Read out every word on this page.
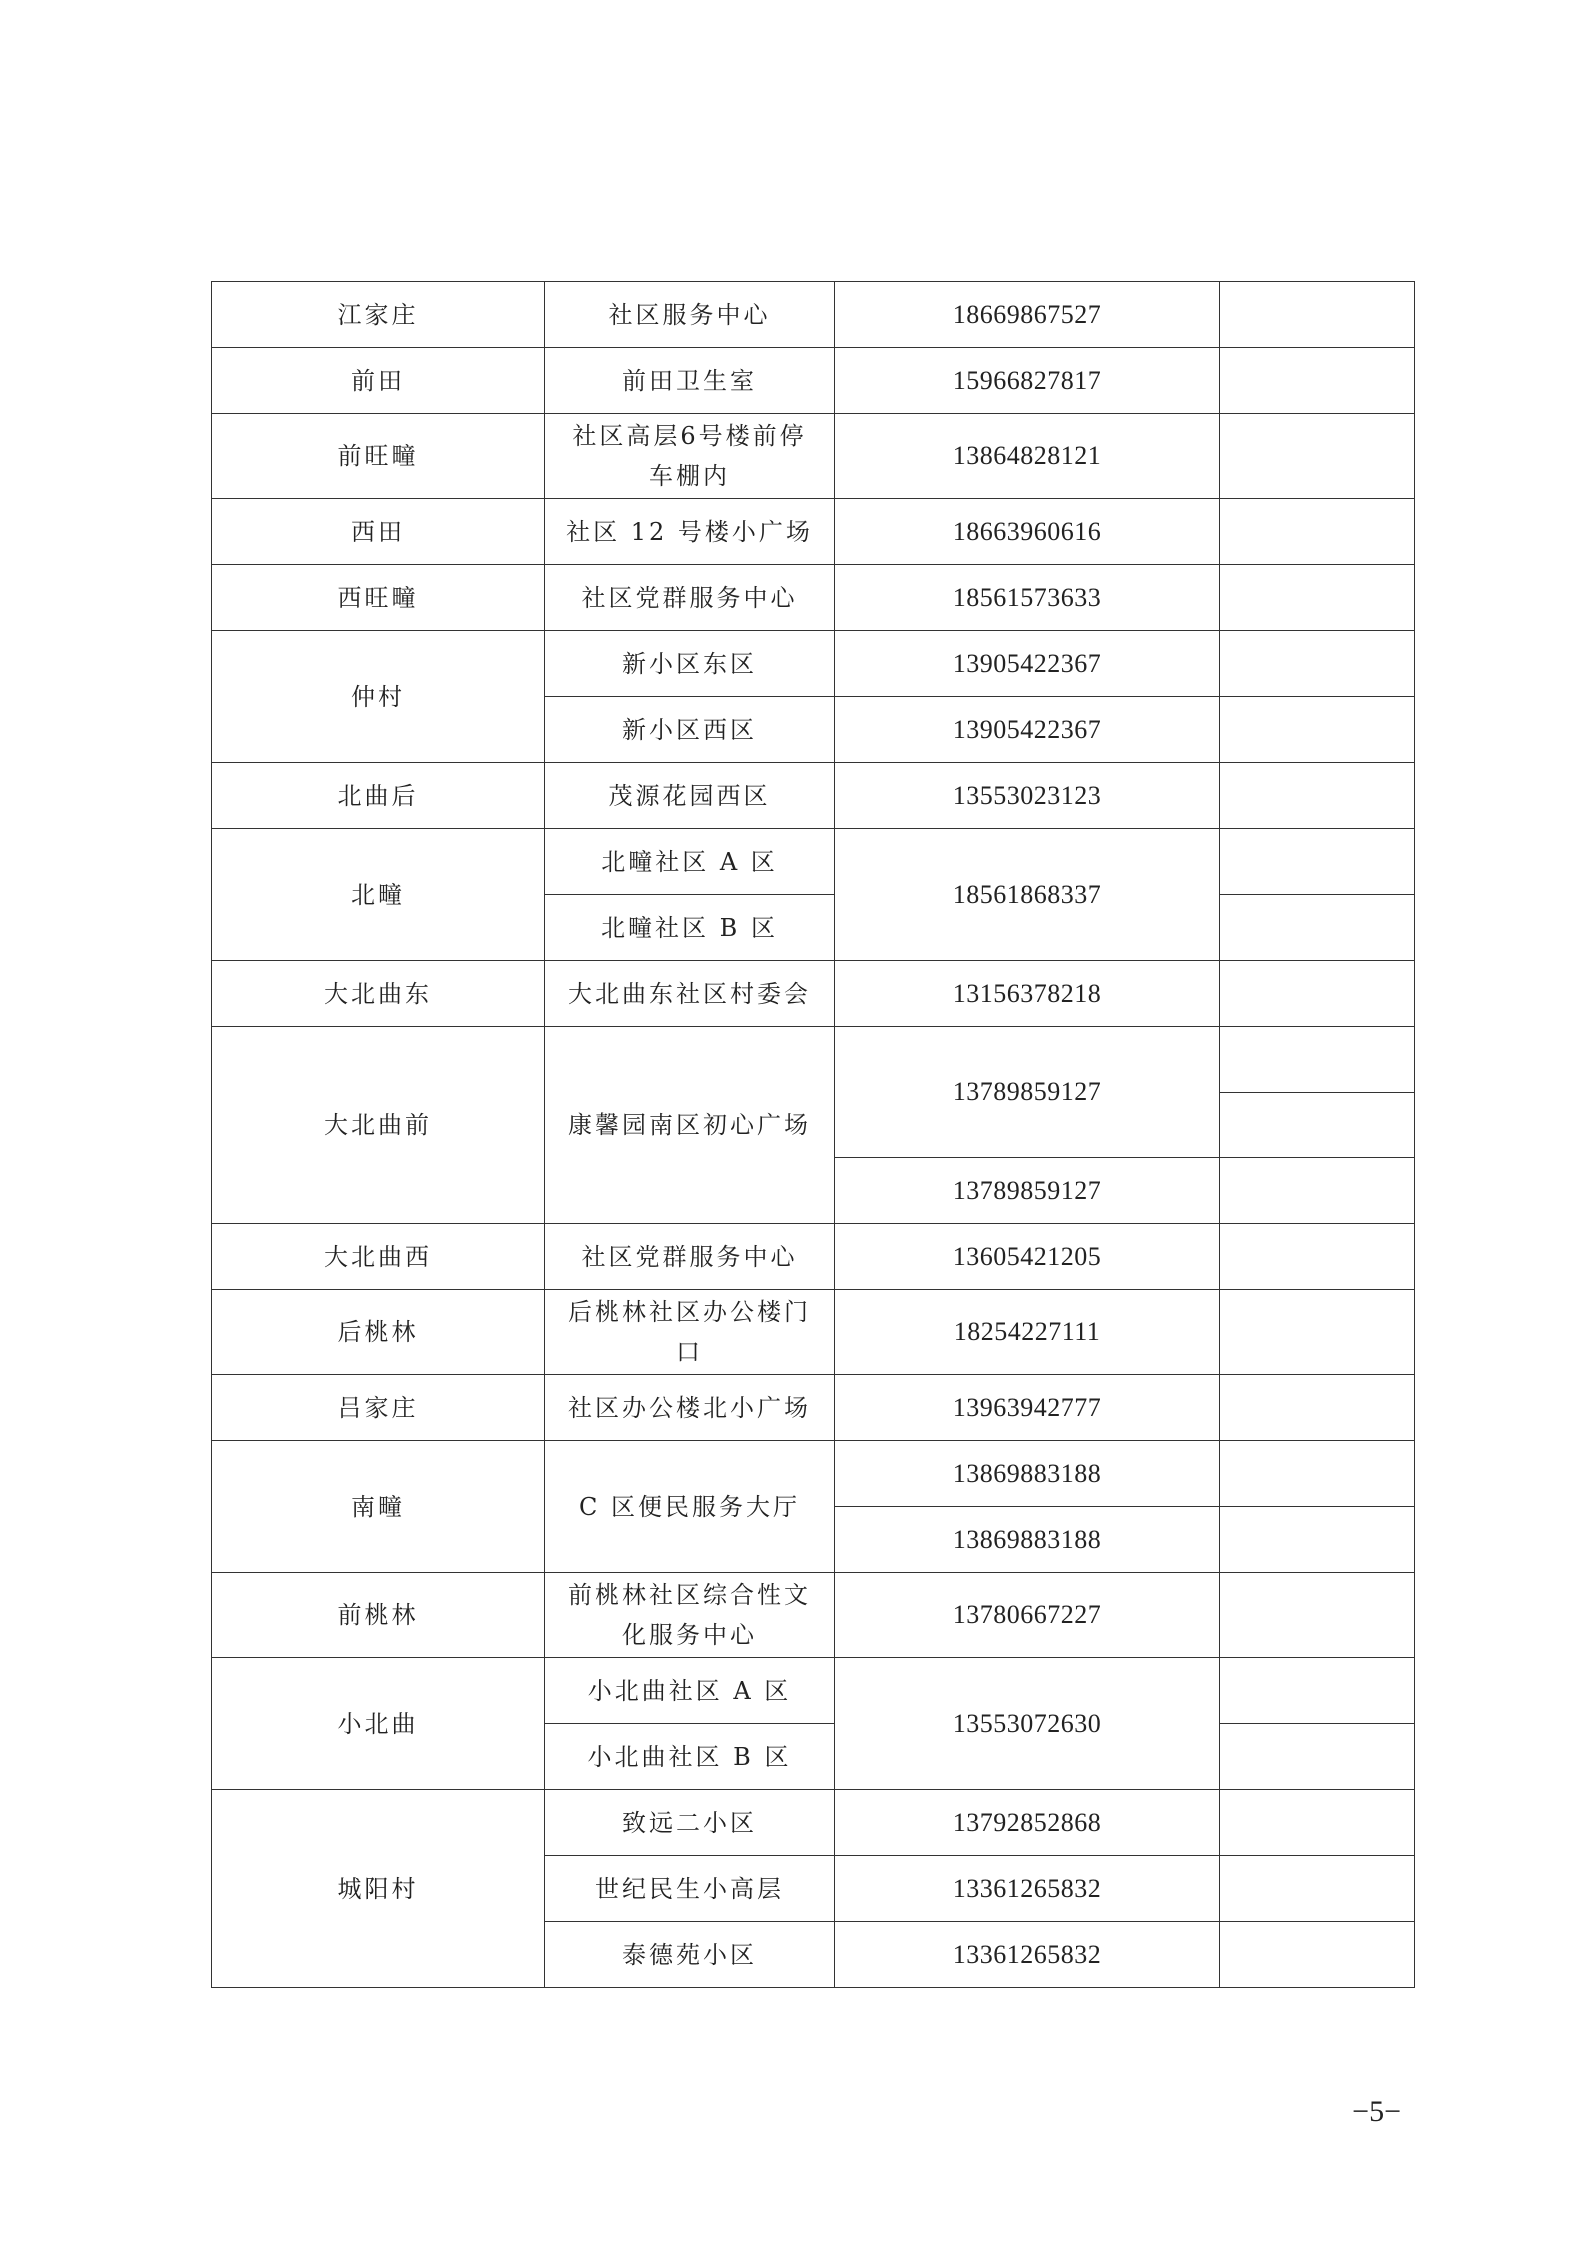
江家庄	社区服务中心	18669867527	
前田	前田卫生室	15966827817	
前旺疃	社区高层6号楼前停车棚内	13864828121	
西田	社区 12 号楼小广场	18663960616	
西旺疃	社区党群服务中心	18561573633	
仲村	新小区东区	13905422367	
	新小区西区	13905422367	
北曲后	茂源花园西区	13553023123	
北疃	北疃社区 A 区	18561868337	
	北疃社区 B 区		
大北曲东	大北曲东社区村委会	13156378218	
大北曲前	康馨园南区初心广场	13789859127	

		13789859127	
大北曲西	社区党群服务中心	13605421205	
后桃林	后桃林社区办公楼门口	18254227111	
吕家庄	社区办公楼北小广场	13963942777	
南疃	C 区便民服务大厅	13869883188	
		13869883188	
前桃林	前桃林社区综合性文化服务中心	13780667227	
小北曲	小北曲社区 A 区	13553072630	
	小北曲社区 B 区		
城阳村	致远二小区	13792852868	
	世纪民生小高层	13361265832	
	泰德苑小区	13361265832	
−5−
